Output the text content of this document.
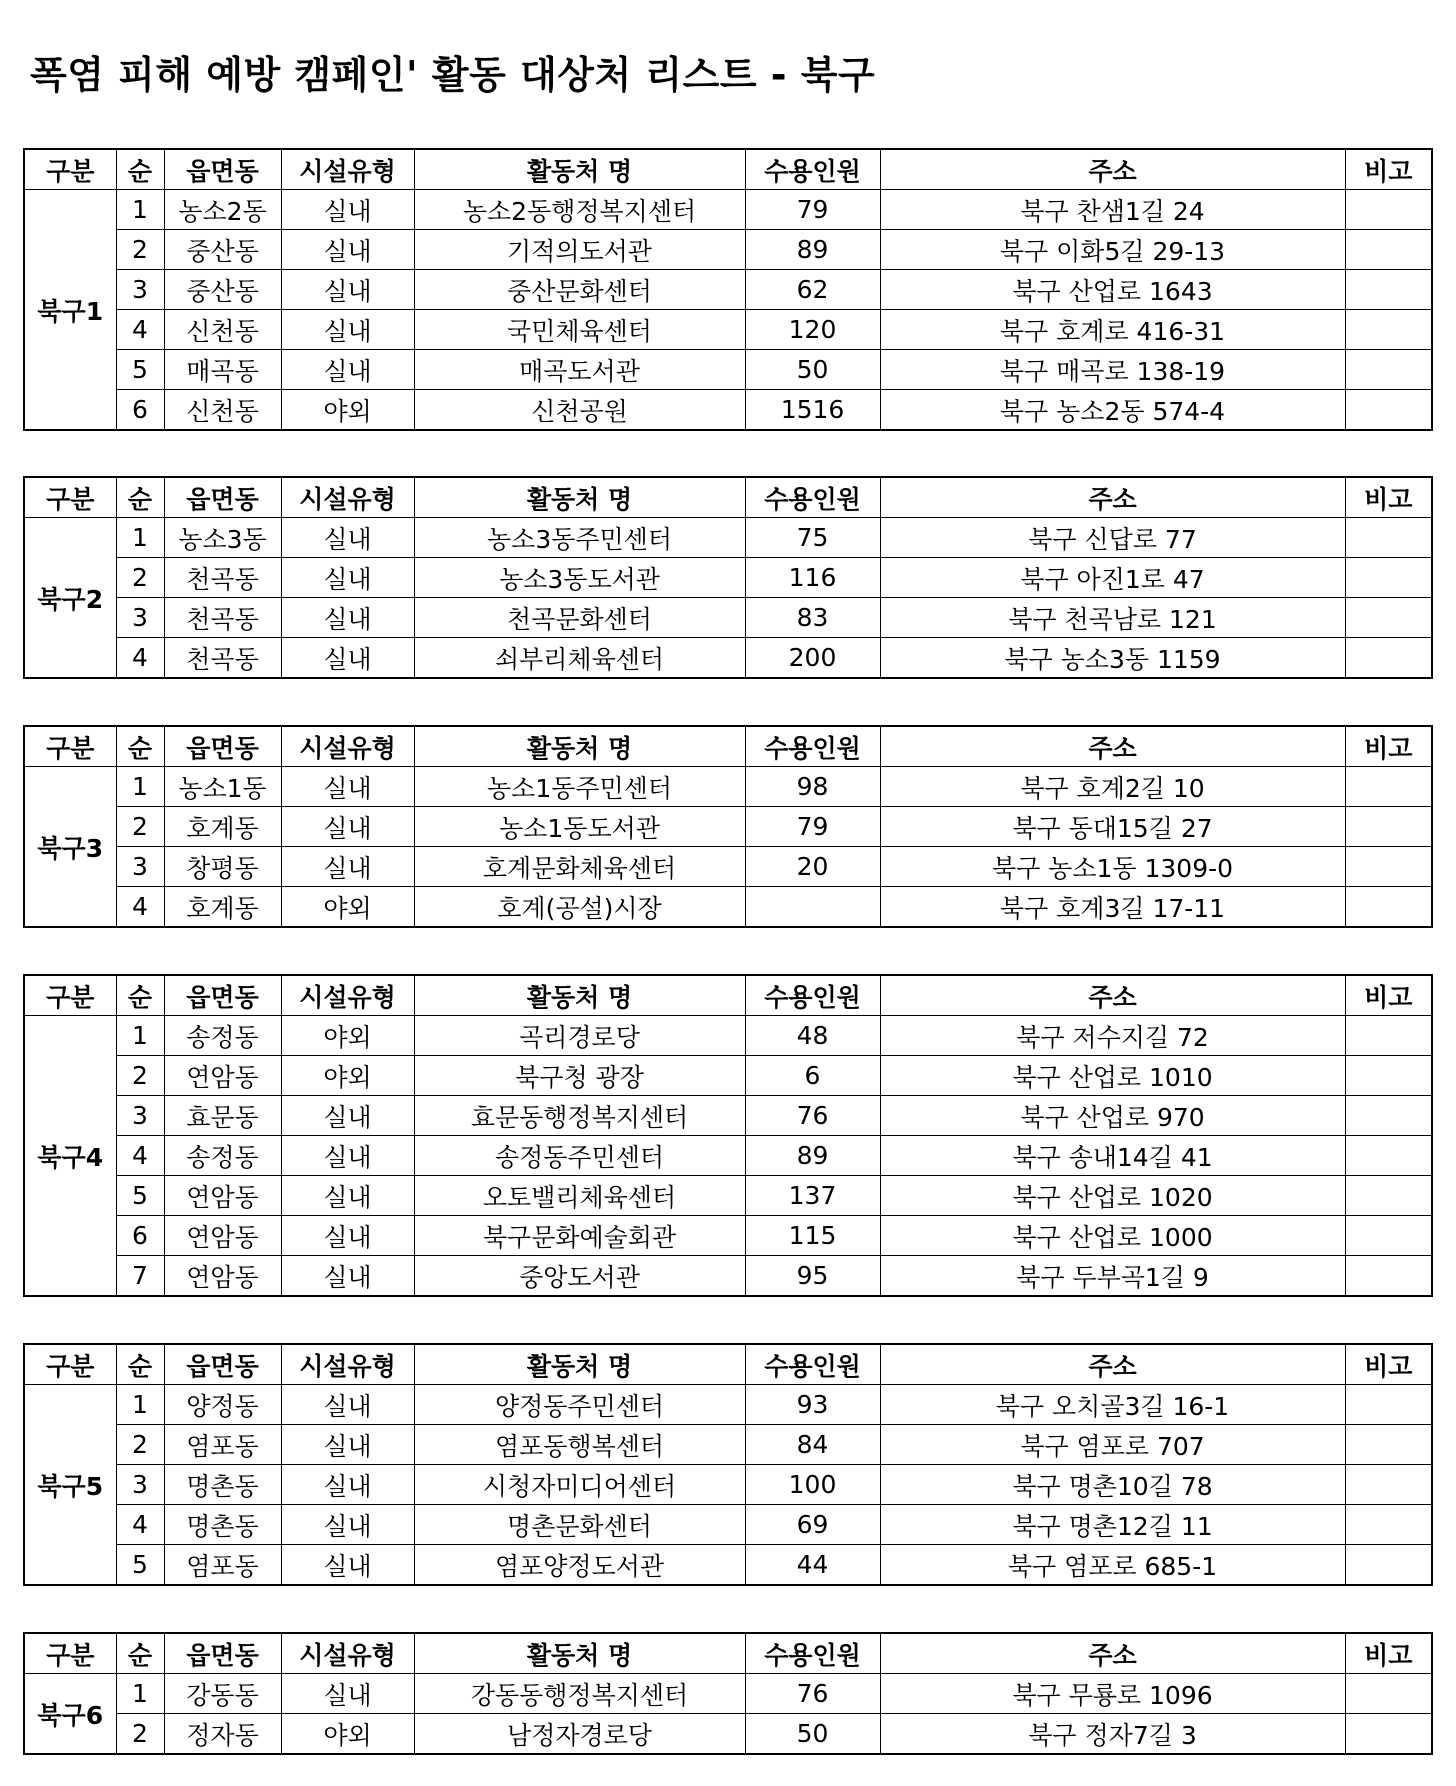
폭염 피해 예방 캠페인' 활동 대상처 리스트 - 북구
구분	순	읍면동	시설유형	활동처 명	수용인원	주소	비고
북구1	1	농소2동	실내	농소2동행정복지센터	79	북구 찬샘1길 24	
	2	중산동	실내	기적의도서관	89	북구 이화5길 29-13	
	3	중산동	실내	중산문화센터	62	북구 산업로 1643	
	4	신천동	실내	국민체육센터	120	북구 호계로 416-31	
	5	매곡동	실내	매곡도서관	50	북구 매곡로 138-19	
	6	신천동	야외	신천공원	1516	북구 농소2동 574-4	
구분	순	읍면동	시설유형	활동처 명	수용인원	주소	비고
북구2	1	농소3동	실내	농소3동주민센터	75	북구 신답로 77	
	2	천곡동	실내	농소3동도서관	116	북구 아진1로 47	
	3	천곡동	실내	천곡문화센터	83	북구 천곡남로 121	
	4	천곡동	실내	쇠부리체육센터	200	북구 농소3동 1159	
구분	순	읍면동	시설유형	활동처 명	수용인원	주소	비고
북구3	1	농소1동	실내	농소1동주민센터	98	북구 호계2길 10	
	2	호계동	실내	농소1동도서관	79	북구 동대15길 27	
	3	창평동	실내	호계문화체육센터	20	북구 농소1동 1309-0	
	4	호계동	야외	호계(공설)시장		북구 호계3길 17-11	
구분	순	읍면동	시설유형	활동처 명	수용인원	주소	비고
북구4	1	송정동	야외	곡리경로당	48	북구 저수지길 72	
	2	연암동	야외	북구청 광장	6	북구 산업로 1010	
	3	효문동	실내	효문동행정복지센터	76	북구 산업로 970	
	4	송정동	실내	송정동주민센터	89	북구 송내14길 41	
	5	연암동	실내	오토밸리체육센터	137	북구 산업로 1020	
	6	연암동	실내	북구문화예술회관	115	북구 산업로 1000	
	7	연암동	실내	중앙도서관	95	북구 두부곡1길 9	
구분	순	읍면동	시설유형	활동처 명	수용인원	주소	비고
북구5	1	양정동	실내	양정동주민센터	93	북구 오치골3길 16-1	
	2	염포동	실내	염포동행복센터	84	북구 염포로 707	
	3	명촌동	실내	시청자미디어센터	100	북구 명촌10길 78	
	4	명촌동	실내	명촌문화센터	69	북구 명촌12길 11	
	5	염포동	실내	염포양정도서관	44	북구 염포로 685-1	
구분	순	읍면동	시설유형	활동처 명	수용인원	주소	비고
북구6	1	강동동	실내	강동동행정복지센터	76	북구 무룡로 1096	
	2	정자동	야외	남정자경로당	50	북구 정자7길 3	
